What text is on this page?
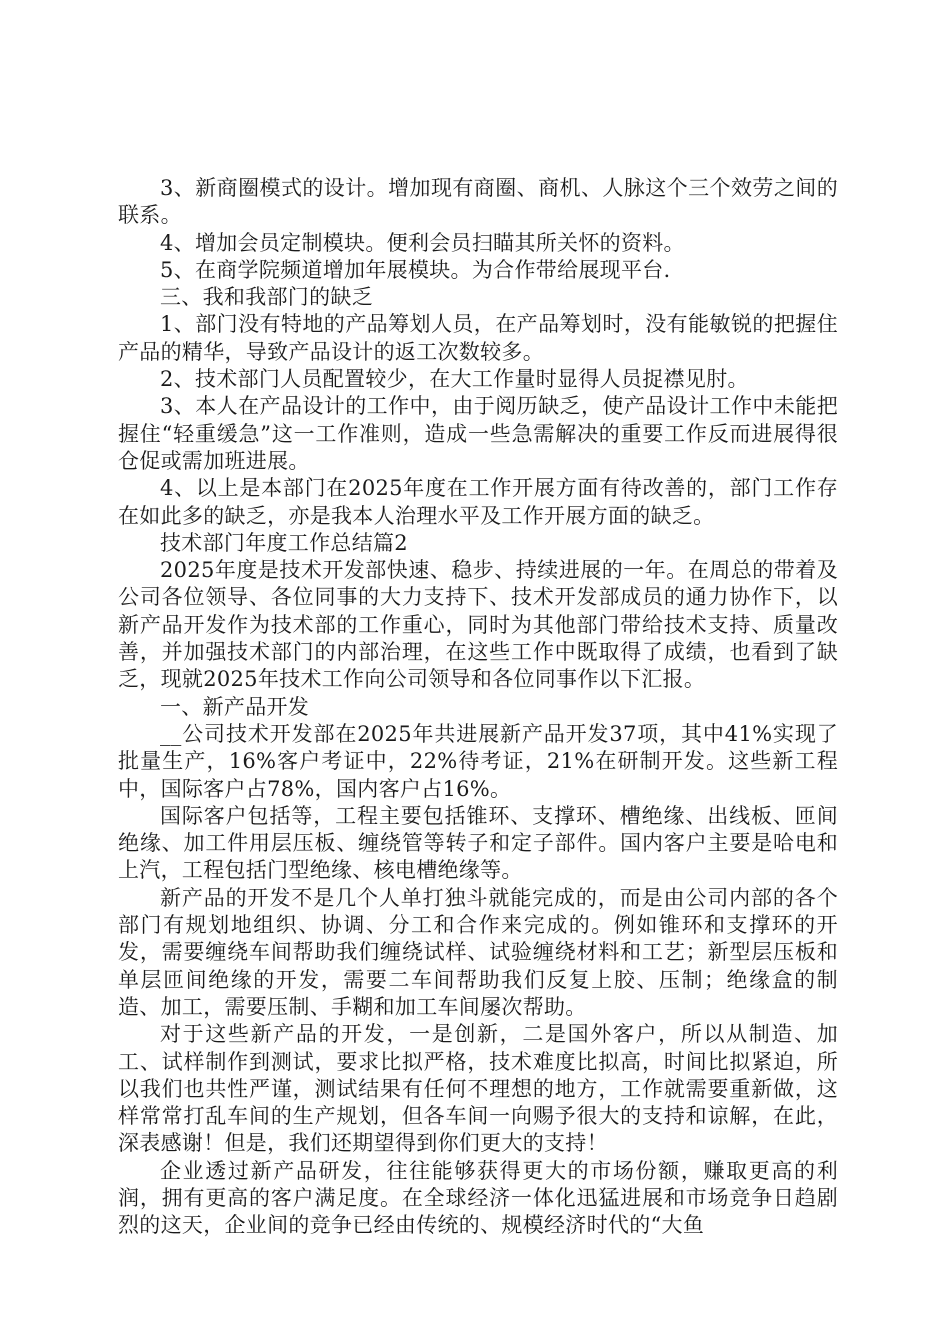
3、新商圈模式的设计。增加现有商圈、商机、人脉这个三个效劳之间的联系。

4、增加会员定制模块。便利会员扫瞄其所关怀的资料。

5、在商学院频道增加年展模块。为合作带给展现平台.

三、我和我部门的缺乏

1、部门没有特地的产品筹划人员，在产品筹划时，没有能敏锐的把握住产品的精华，导致产品设计的返工次数较多。

2、技术部门人员配置较少，在大工作量时显得人员捉襟见肘。

3、本人在产品设计的工作中，由于阅历缺乏，使产品设计工作中未能把握住“轻重缓急”这一工作准则，造成一些急需解决的重要工作反而进展得很仓促或需加班进展。

4、以上是本部门在2025年度在工作开展方面有待改善的，部门工作存在如此多的缺乏，亦是我本人治理水平及工作开展方面的缺乏。

技术部门年度工作总结篇2

2025年度是技术开发部快速、稳步、持续进展的一年。在周总的带着及公司各位领导、各位同事的大力支持下、技术开发部成员的通力协作下，以新产品开发作为技术部的工作重心，同时为其他部门带给技术支持、质量改善，并加强技术部门的内部治理，在这些工作中既取得了成绩，也看到了缺乏，现就2025年技术工作向公司领导和各位同事作以下汇报。

一、新产品开发

__公司技术开发部在2025年共进展新产品开发37项，其中41%实现了批量生产，16%客户考证中，22%待考证，21%在研制开发。这些新工程中，国际客户占78%，国内客户占16%。

国际客户包括等，工程主要包括锥环、支撑环、槽绝缘、出线板、匝间绝缘、加工件用层压板、缠绕管等转子和定子部件。国内客户主要是哈电和上汽，工程包括门型绝缘、核电槽绝缘等。

新产品的开发不是几个人单打独斗就能完成的，而是由公司内部的各个部门有规划地组织、协调、分工和合作来完成的。例如锥环和支撑环的开发，需要缠绕车间帮助我们缠绕试样、试验缠绕材料和工艺；新型层压板和单层匝间绝缘的开发，需要二车间帮助我们反复上胶、压制；绝缘盒的制造、加工，需要压制、手糊和加工车间屡次帮助。

对于这些新产品的开发，一是创新，二是国外客户，所以从制造、加工、试样制作到测试，要求比拟严格，技术难度比拟高，时间比拟紧迫，所以我们也共性严谨，测试结果有任何不理想的地方，工作就需要重新做，这样常常打乱车间的生产规划，但各车间一向赐予很大的支持和谅解，在此，深表感谢！但是，我们还期望得到你们更大的支持！

企业透过新产品研发，往往能够获得更大的市场份额，赚取更高的利润，拥有更高的客户满足度。在全球经济一体化迅猛进展和市场竞争日趋剧烈的这天，企业间的竞争已经由传统的、规模经济时代的“大鱼
